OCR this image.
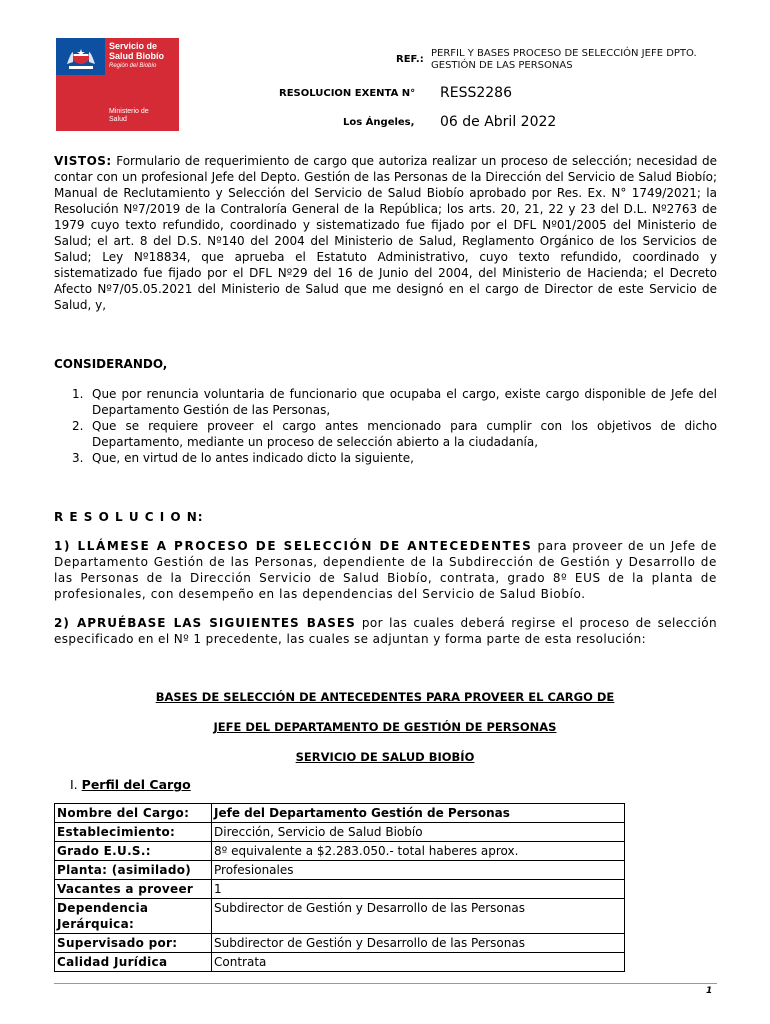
Servicio de
Salud Biobío
Región del Biobío
Ministerio de
Salud
REF.:
PERFIL Y BASES PROCESO DE SELECCIÓN JEFE DPTO.
GESTIÓN DE LAS PERSONAS
RESOLUCION EXENTA N° RESS2286
Los Ángeles, 06 de Abril 2022
VISTOS: Formulario de requerimiento de cargo que autoriza realizar un proceso de selección; necesidad de contar con un profesional Jefe del Depto. Gestión de las Personas de la Dirección del Servicio de Salud Biobío; Manual de Reclutamiento y Selección del Servicio de Salud Biobío aprobado por Res. Ex. N° 1749/2021; la Resolución Nº7/2019 de la Contraloría General de la República; los arts. 20, 21, 22 y 23 del D.L. Nº2763 de 1979 cuyo texto refundido, coordinado y sistematizado fue fijado por el DFL Nº01/2005 del Ministerio de Salud; el art. 8 del D.S. Nº140 del 2004 del Ministerio de Salud, Reglamento Orgánico de los Servicios de Salud; Ley Nº18834, que aprueba el Estatuto Administrativo, cuyo texto refundido, coordinado y sistematizado fue fijado por el DFL Nº29 del 16 de Junio del 2004, del Ministerio de Hacienda; el Decreto Afecto Nº7/05.05.2021 del Ministerio de Salud que me designó en el cargo de Director de este Servicio de Salud, y,
CONSIDERANDO,
1. Que por renuncia voluntaria de funcionario que ocupaba el cargo, existe cargo disponible de Jefe del Departamento Gestión de las Personas,
2. Que se requiere proveer el cargo antes mencionado para cumplir con los objetivos de dicho Departamento, mediante un proceso de selección abierto a la ciudadanía,
3. Que, en virtud de lo antes indicado dicto la siguiente,
R E S O L U C I O N:
1) LLÁMESE A PROCESO DE SELECCIÓN DE ANTECEDENTES para proveer de un Jefe de Departamento Gestión de las Personas, dependiente de la Subdirección de Gestión y Desarrollo de las Personas de la Dirección Servicio de Salud Biobío, contrata, grado 8º EUS de la planta de profesionales, con desempeño en las dependencias del Servicio de Salud Biobío.
2) APRUÉBASE LAS SIGUIENTES BASES por las cuales deberá regirse el proceso de selección especificado en el Nº 1 precedente, las cuales se adjuntan y forma parte de esta resolución:
BASES DE SELECCIÓN DE ANTECEDENTES PARA PROVEER EL CARGO DE
JEFE DEL DEPARTAMENTO DE GESTIÓN DE PERSONAS
SERVICIO DE SALUD BIOBÍO
I. Perfil del Cargo
Nombre del Cargo:	Jefe del Departamento Gestión de Personas
Establecimiento:	Dirección, Servicio de Salud Biobío
Grado E.U.S.:	8º equivalente a $2.283.050.- total haberes aprox.
Planta: (asimilado)	Profesionales
Vacantes a proveer	1
Dependencia Jerárquica:	Subdirector de Gestión y Desarrollo de las Personas
Supervisado por:	Subdirector de Gestión y Desarrollo de las Personas
Calidad Jurídica	Contrata
1
